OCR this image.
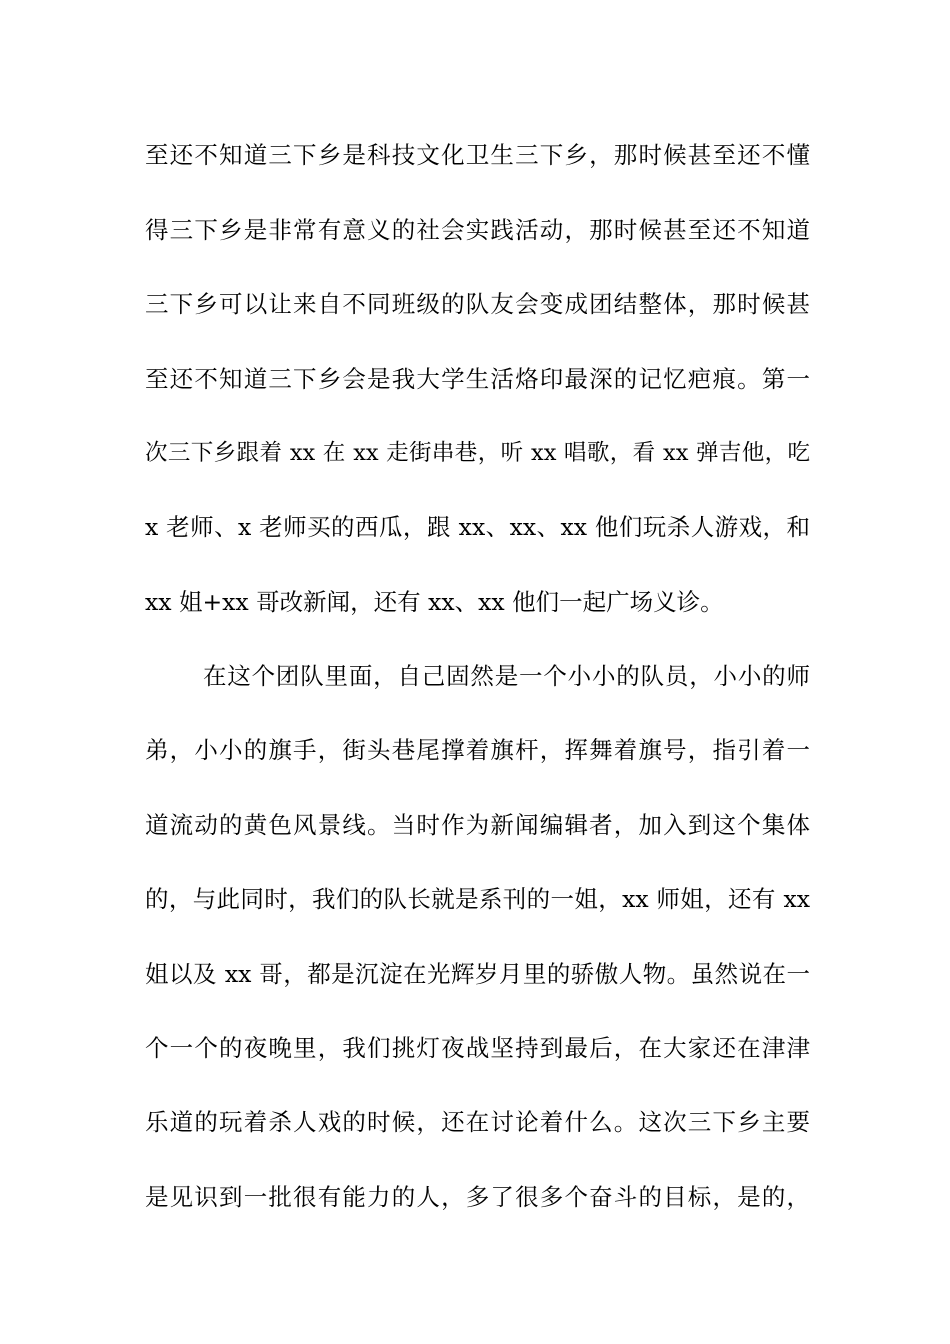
至还不知道三下乡是科技文化卫生三下乡，那时候甚至还不懂
得三下乡是非常有意义的社会实践活动，那时候甚至还不知道
三下乡可以让来自不同班级的队友会变成团结整体，那时候甚
至还不知道三下乡会是我大学生活烙印最深的记忆疤痕。第一
次三下乡跟着 xx 在 xx 走街串巷，听 xx 唱歌，看 xx 弹吉他，吃
x 老师、x 老师买的西瓜，跟 xx、xx、xx 他们玩杀人游戏，和
xx 姐+xx 哥改新闻，还有 xx、xx 他们一起广场义诊。
在这个团队里面，自己固然是一个小小的队员，小小的师
弟，小小的旗手，街头巷尾撑着旗杆，挥舞着旗号，指引着一
道流动的黄色风景线。当时作为新闻编辑者，加入到这个集体
的，与此同时，我们的队长就是系刊的一姐，xx 师姐，还有 xx
姐以及 xx 哥，都是沉淀在光辉岁月里的骄傲人物。虽然说在一
个一个的夜晚里，我们挑灯夜战坚持到最后，在大家还在津津
乐道的玩着杀人戏的时候，还在讨论着什么。这次三下乡主要
是见识到一批很有能力的人，多了很多个奋斗的目标，是的，
